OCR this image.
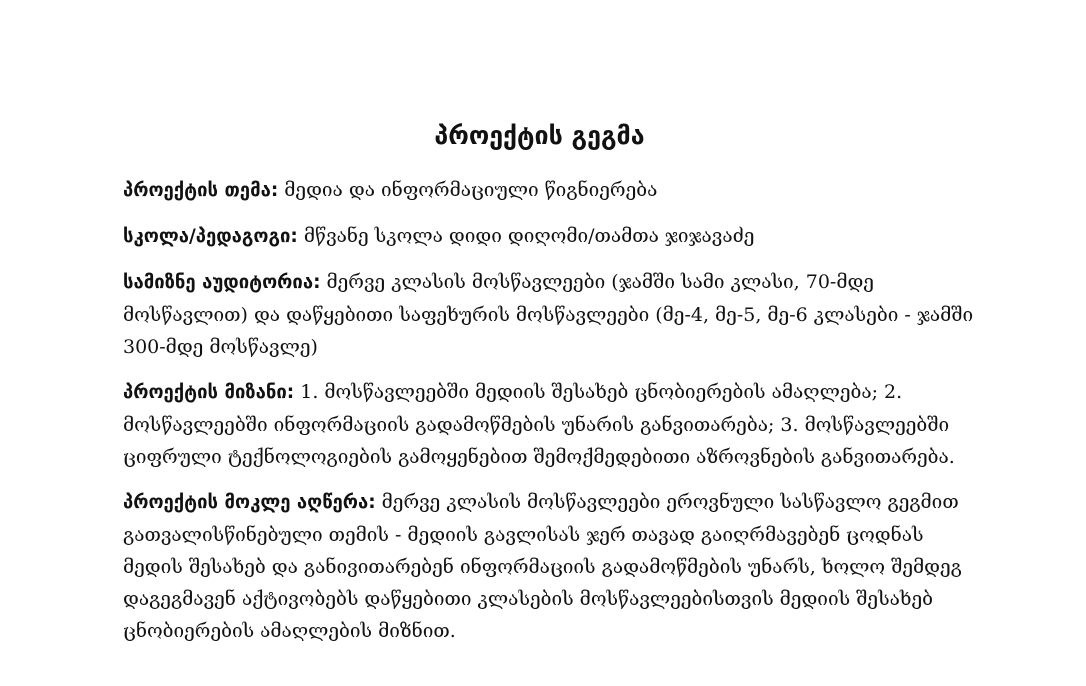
პროექტის გეგმა

პროექტის თემა: მედია და ინფორმაციული წიგნიერება

სკოლა/პედაგოგი: მწვანე სკოლა დიდი დიღომი/თამთა ჯიჯავაძე

სამიზნე აუდიტორია: მერვე კლასის მოსწავლეები (ჯამში სამი კლასი, 70-მდე მოსწავლით) და დაწყებითი საფეხურის მოსწავლეები (მე-4, მე-5, მე-6 კლასები - ჯამში 300-მდე მოსწავლე)

პროექტის მიზანი: 1. მოსწავლეებში მედიის შესახებ ცნობიერების ამაღლება; 2. მოსწავლეებში ინფორმაციის გადამოწმების უნარის განვითარება; 3. მოსწავლეებში ციფრული ტექნოლოგიების გამოყენებით შემოქმედებითი აზროვნების განვითარება.

პროექტის მოკლე აღწერა: მერვე კლასის მოსწავლეები ეროვნული სასწავლო გეგმით გათვალისწინებული თემის - მედიის გავლისას ჯერ თავად გაიღრმავებენ ცოდნას მედის შესახებ და განივითარებენ ინფორმაციის გადამოწმების უნარს, ხოლო შემდეგ დაგეგმავენ აქტივობებს დაწყებითი კლასების მოსწავლეებისთვის მედიის შესახებ ცნობიერების ამაღლების მიზნით.
